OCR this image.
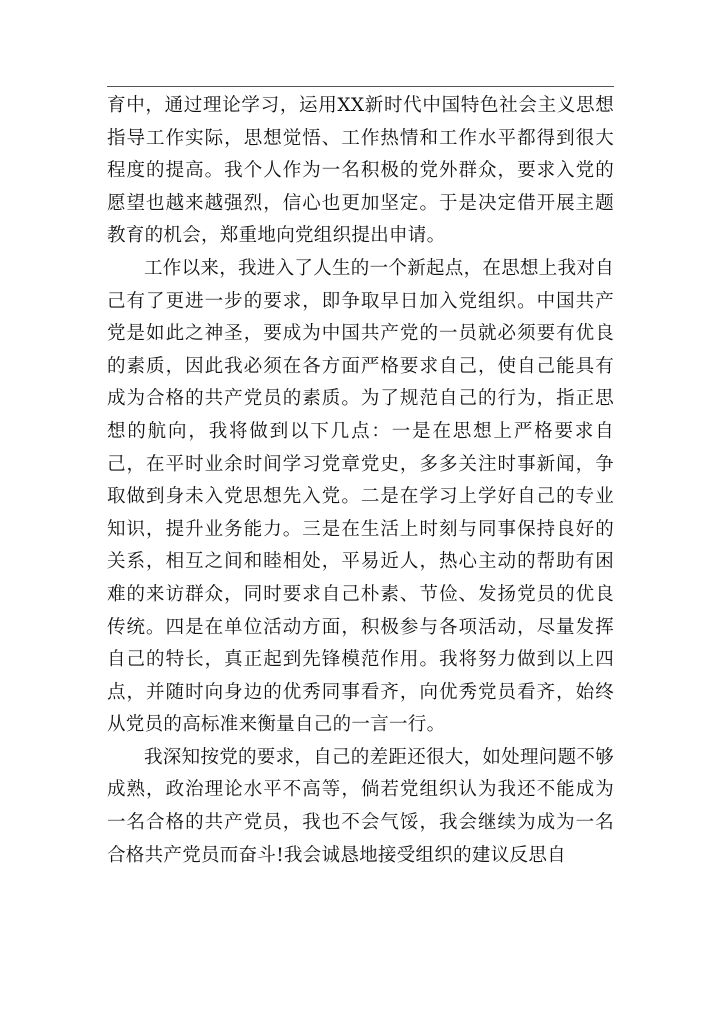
育中，通过理论学习，运用XX新时代中国特色社会主义思想指导工作实际，思想觉悟、工作热情和工作水平都得到很大程度的提高。我个人作为一名积极的党外群众，要求入党的愿望也越来越强烈，信心也更加坚定。于是决定借开展主题教育的机会，郑重地向党组织提出申请。

工作以来，我进入了人生的一个新起点，在思想上我对自己有了更进一步的要求，即争取早日加入党组织。中国共产党是如此之神圣，要成为中国共产党的一员就必须要有优良的素质，因此我必须在各方面严格要求自己，使自己能具有成为合格的共产党员的素质。为了规范自己的行为，指正思想的航向，我将做到以下几点：一是在思想上严格要求自己，在平时业余时间学习党章党史，多多关注时事新闻，争取做到身未入党思想先入党。二是在学习上学好自己的专业知识，提升业务能力。三是在生活上时刻与同事保持良好的关系，相互之间和睦相处，平易近人，热心主动的帮助有困难的来访群众，同时要求自己朴素、节俭、发扬党员的优良传统。四是在单位活动方面，积极参与各项活动，尽量发挥自己的特长，真正起到先锋模范作用。我将努力做到以上四点，并随时向身边的优秀同事看齐，向优秀党员看齐，始终从党员的高标准来衡量自己的一言一行。

我深知按党的要求，自己的差距还很大，如处理问题不够成熟，政治理论水平不高等，倘若党组织认为我还不能成为一名合格的共产党员，我也不会气馁，我会继续为成为一名合格共产党员而奋斗!我会诚恳地接受组织的建议反思自
